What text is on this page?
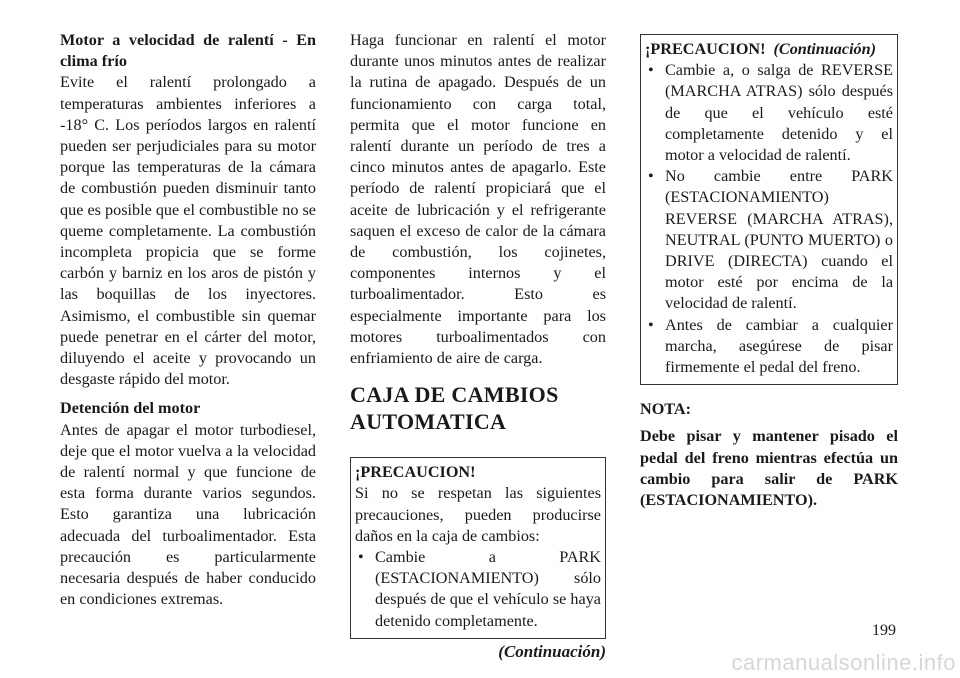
Motor a velocidad de ralentí - En clima frío

Evite el ralentí prolongado a temperaturas ambientes inferiores a -18° C. Los períodos largos en ralentí pueden ser perjudiciales para su motor porque las temperaturas de la cámara de combustión pueden disminuir tanto que es posible que el combustible no se queme completamente. La combustión incompleta propicia que se forme carbón y barniz en los aros de pistón y las boquillas de los inyectores. Asimismo, el combustible sin quemar puede penetrar en el cárter del motor, diluyendo el aceite y provocando un desgaste rápido del motor.

Detención del motor

Antes de apagar el motor turbodiesel, deje que el motor vuelva a la velocidad de ralentí normal y que funcione de esta forma durante varios segundos. Esto garantiza una lubricación adecuada del turboalimentador. Esta precaución es particularmente necesaria después de haber conducido en condiciones extremas.

Haga funcionar en ralentí el motor durante unos minutos antes de realizar la rutina de apagado. Después de un funcionamiento con carga total, permita que el motor funcione en ralentí durante un período de tres a cinco minutos antes de apagarlo. Este período de ralentí propiciará que el aceite de lubricación y el refrigerante saquen el exceso de calor de la cámara de combustión, los cojinetes, componentes internos y el turboalimentador. Esto es especialmente importante para los motores turboalimentados con enfriamiento de aire de carga.

CAJA DE CAMBIOS AUTOMATICA

¡PRECAUCION!

Si no se respetan las siguientes precauciones, pueden producirse daños en la caja de cambios:

• Cambie a PARK (ESTACIONAMIENTO) sólo después de que el vehículo se haya detenido completamente.
(Continuación)

¡PRECAUCION! (Continuación)

• Cambie a, o salga de REVERSE (MARCHA ATRAS) sólo después de que el vehículo esté completamente detenido y el motor a velocidad de ralentí.
• No cambie entre PARK (ESTACIONAMIENTO) REVERSE (MARCHA ATRAS), NEUTRAL (PUNTO MUERTO) o DRIVE (DIRECTA) cuando el motor esté por encima de la velocidad de ralentí.
• Antes de cambiar a cualquier marcha, asegúrese de pisar firmemente el pedal del freno.

NOTA:

Debe pisar y mantener pisado el pedal del freno mientras efectúa un cambio para salir de PARK (ESTACIONAMIENTO).

199
carmanualsonline.info
